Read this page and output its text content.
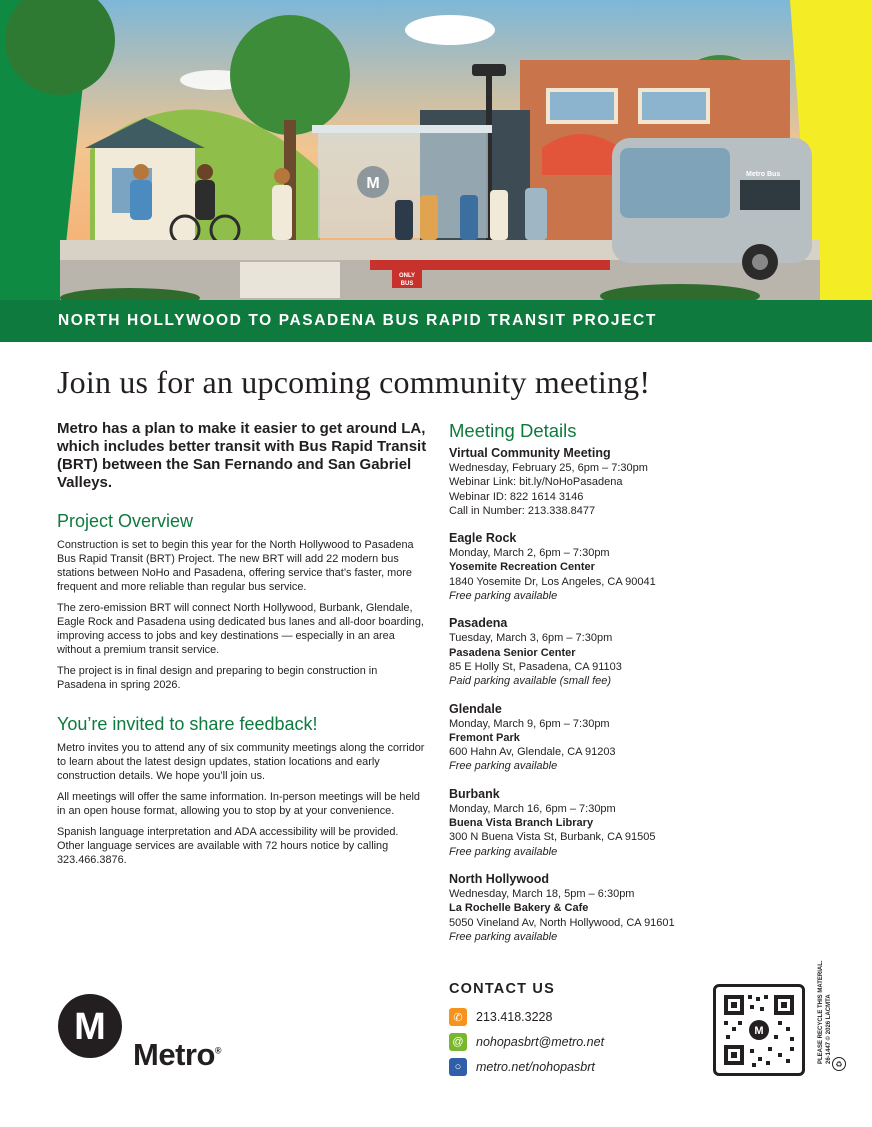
M
ONLY
BUS
Metro Bus
NORTH HOLLYWOOD TO PASADENA BUS RAPID TRANSIT PROJECT
Join us for an upcoming community meeting!

Metro has a plan to make it easier to get around LA, which includes better transit with Bus Rapid Transit (BRT) between the San Fernando and San Gabriel Valleys.

Project Overview

Construction is set to begin this year for the North Hollywood to Pasadena Bus Rapid Transit (BRT) Project. The new BRT will add 22 modern bus stations between NoHo and Pasadena, offering service that’s faster, more frequent and more reliable than regular bus service.

The zero-emission BRT will connect North Hollywood, Burbank, Glendale, Eagle Rock and Pasadena using dedicated bus lanes and all-door boarding, improving access to jobs and key destinations — especially in an area without a premium transit service.

The project is in final design and preparing to begin construction in Pasadena in spring 2026.

You’re invited to share feedback!

Metro invites you to attend any of six community meetings along the corridor to learn about the latest design updates, station locations and early construction details. We hope you’ll join us.

All meetings will offer the same information. In-person meetings will be held in an open house format, allowing you to stop by at your convenience.

Spanish language interpretation and ADA accessibility will be provided. Other language services are available with 72 hours notice by calling 323.466.3876.

Meeting Details
Virtual Community Meeting
Wednesday, February 25, 6pm – 7:30pm
Webinar Link: bit.ly/NoHoPasadena
Webinar ID: 822 1614 3146
Call in Number: 213.338.8477
Eagle Rock
Monday, March 2, 6pm – 7:30pm
Yosemite Recreation Center
1840 Yosemite Dr, Los Angeles, CA 90041
Free parking available
Pasadena
Tuesday, March 3, 6pm – 7:30pm
Pasadena Senior Center
85 E Holly St, Pasadena, CA 91103
Paid parking available (small fee)
Glendale
Monday, March 9, 6pm – 7:30pm
Fremont Park
600 Hahn Av, Glendale, CA 91203
Free parking available
Burbank
Monday, March 16, 6pm – 7:30pm
Buena Vista Branch Library
300 N Buena Vista St, Burbank, CA 91505
Free parking available
North Hollywood
Wednesday, March 18, 5pm – 6:30pm
La Rochelle Bakery & Cafe
5050 Vineland Av, North Hollywood, CA 91601
Free parking available
CONTACT US
✆	213.418.3228
@ nohopasbrt@metro.net
○	metro.net/nohopasbrt
M
Metro®
M	PLEASE RECYCLE THIS MATERIAL. 26-1447 © 2026 LACMTA ♻
